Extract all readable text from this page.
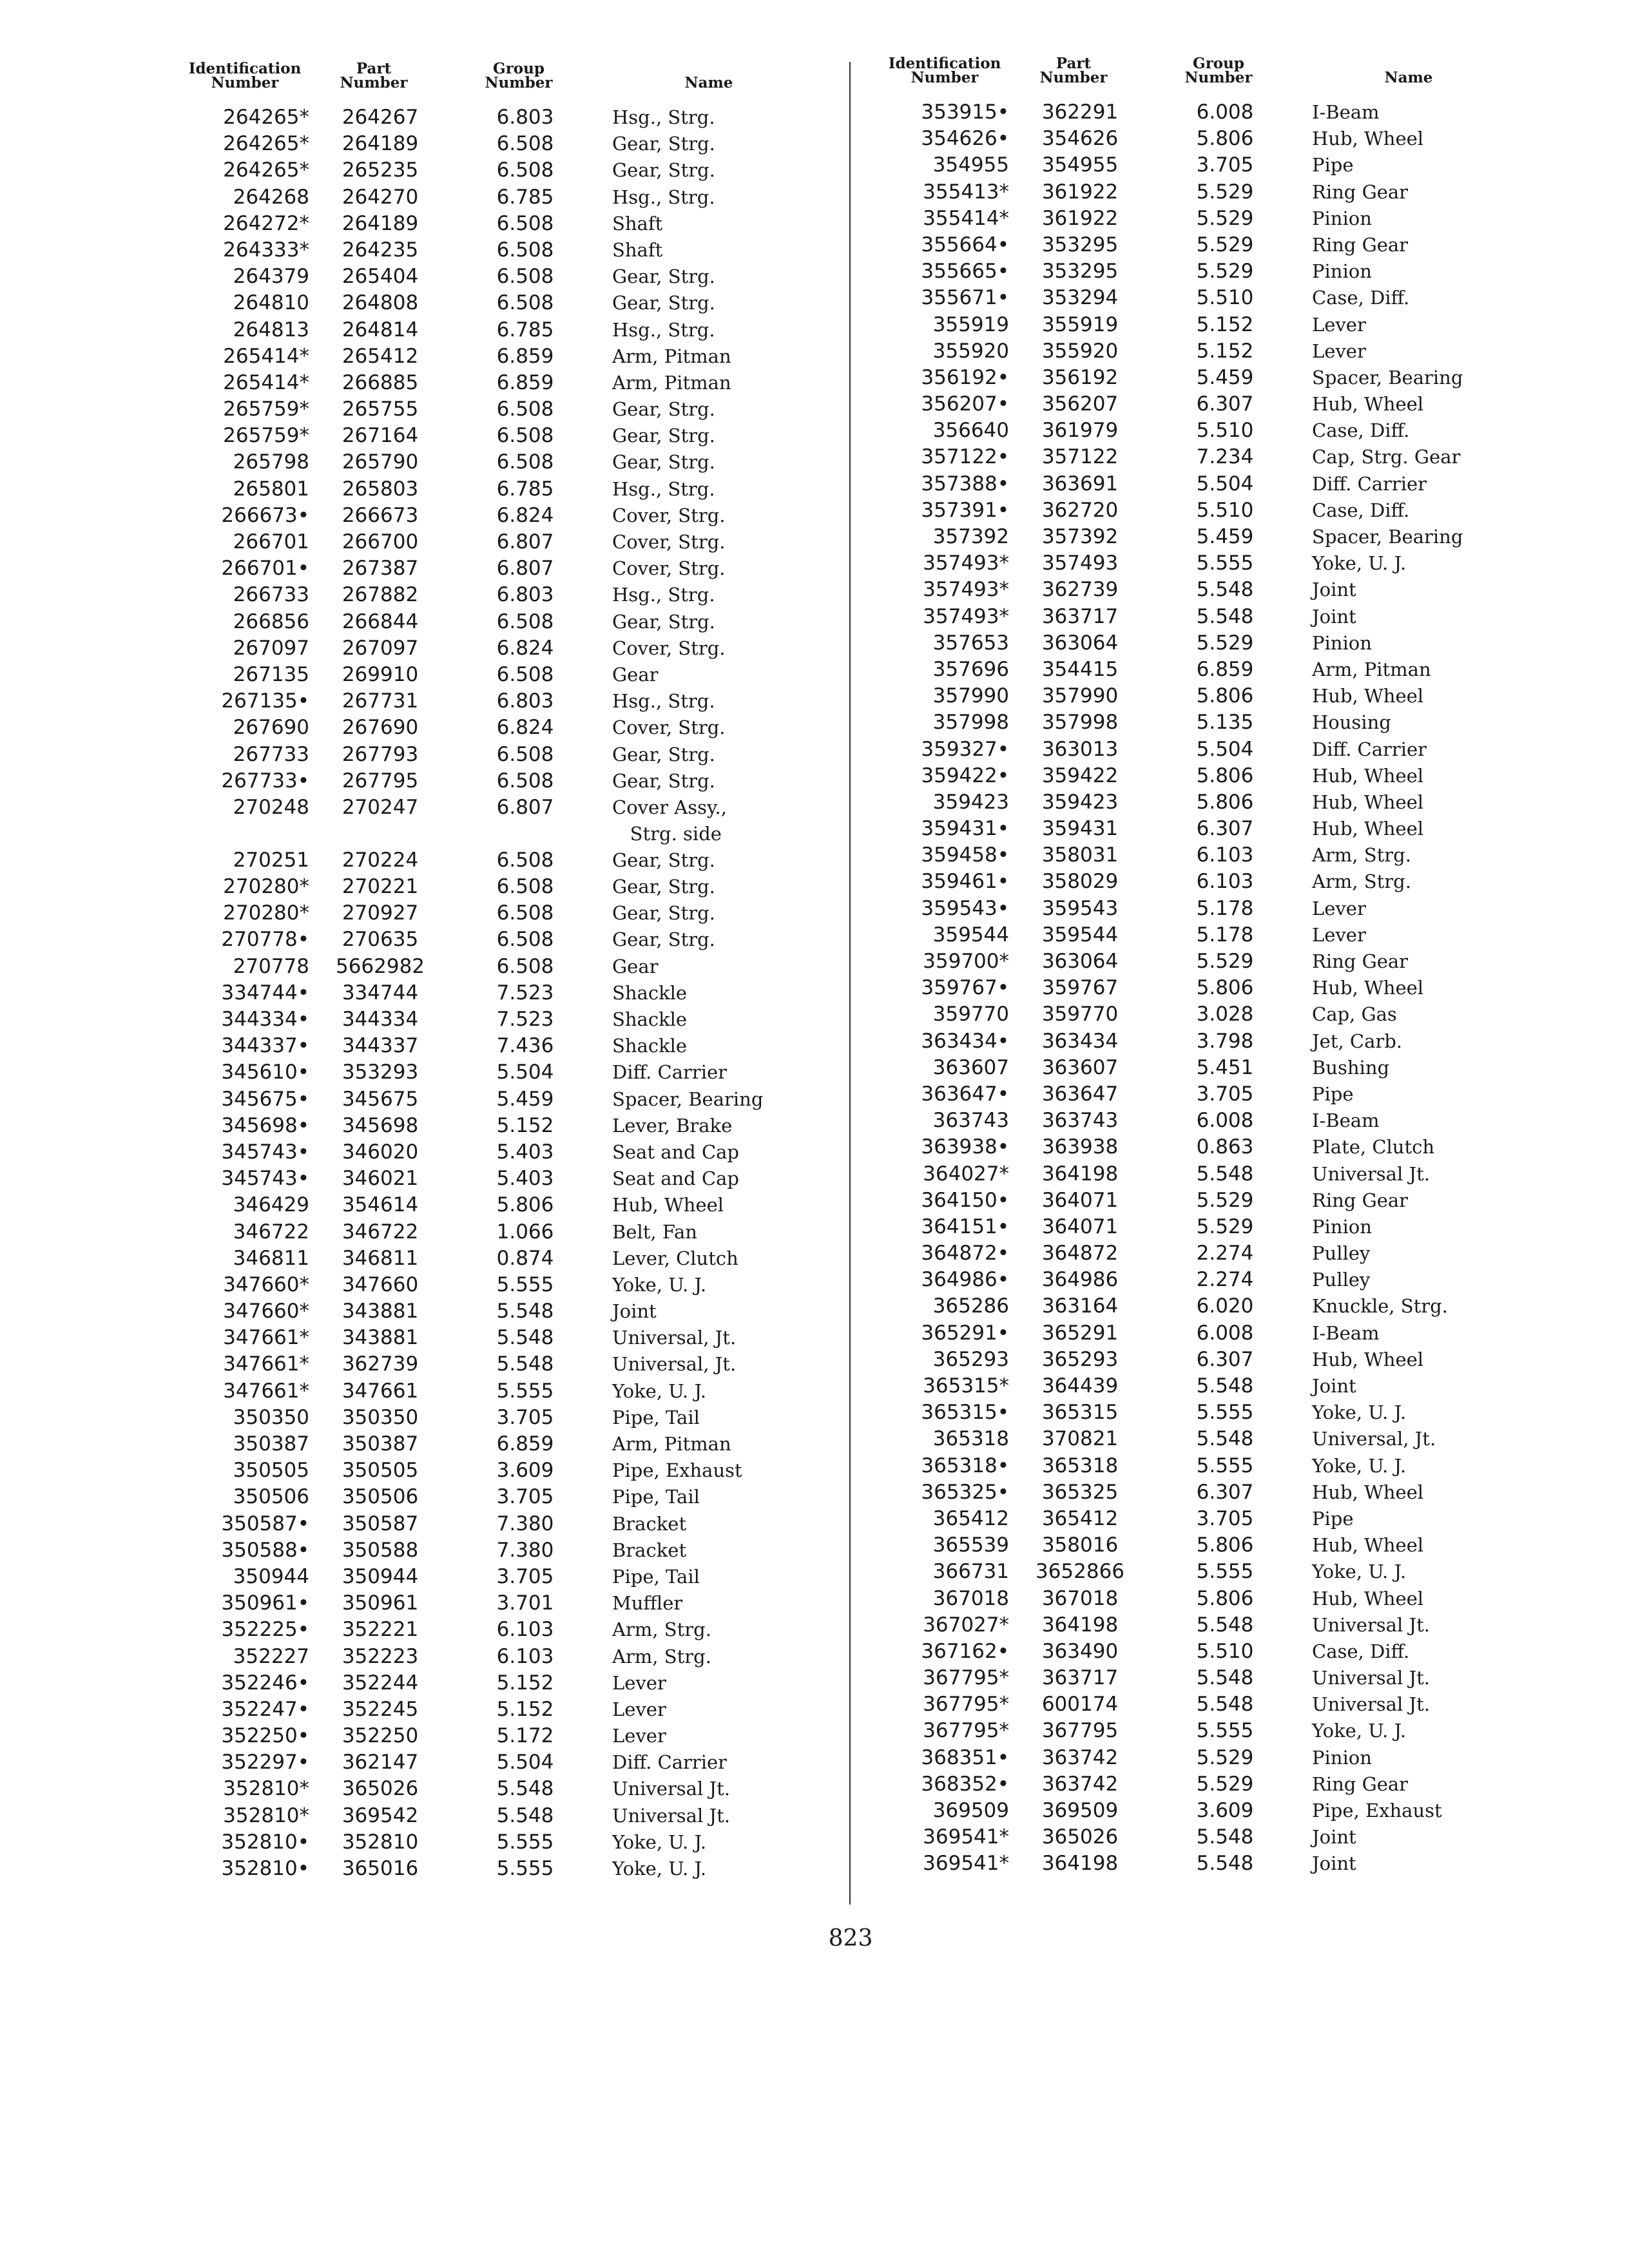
Identification
Number
Part
Number
Group
Number	Name
264265*	264267	6.803	Hsg., Strg.
264265*	264189	6.508	Gear, Strg.
264265*	265235	6.508	Gear, Strg.
264268	264270	6.785	Hsg., Strg.
264272*	264189	6.508	Shaft
264333*	264235	6.508	Shaft
264379	265404	6.508	Gear, Strg.
264810	264808	6.508	Gear, Strg.
264813	264814	6.785	Hsg., Strg.
265414*	265412	6.859	Arm, Pitman
265414*	266885	6.859	Arm, Pitman
265759*	265755	6.508	Gear, Strg.
265759*	267164	6.508	Gear, Strg.
265798	265790	6.508	Gear, Strg.
265801	265803	6.785	Hsg., Strg.
266673•	266673	6.824	Cover, Strg.
266701	266700	6.807	Cover, Strg.
266701•	267387	6.807	Cover, Strg.
266733	267882	6.803	Hsg., Strg.
266856	266844	6.508	Gear, Strg.
267097	267097	6.824	Cover, Strg.
267135	269910	6.508	Gear
267135•	267731	6.803	Hsg., Strg.
267690	267690	6.824	Cover, Strg.
267733	267793	6.508	Gear, Strg.
267733•	267795	6.508	Gear, Strg.
270248	270247	6.807	Cover Assy.,
Strg. side
270251	270224	6.508	Gear, Strg.
270280*	270221	6.508	Gear, Strg.
270280*	270927	6.508	Gear, Strg.
270778•	270635	6.508	Gear, Strg.
270778	5662982	6.508	Gear
334744•	334744	7.523	Shackle
344334•	344334	7.523	Shackle
344337•	344337	7.436	Shackle
345610•	353293	5.504	Diff. Carrier
345675•	345675	5.459	Spacer, Bearing
345698•	345698	5.152	Lever, Brake
345743•	346020	5.403	Seat and Cap
345743•	346021	5.403	Seat and Cap
346429	354614	5.806	Hub, Wheel
346722	346722	1.066	Belt, Fan
346811	346811	0.874	Lever, Clutch
347660*	347660	5.555	Yoke, U. J.
347660*	343881	5.548	Joint
347661*	343881	5.548	Universal, Jt.
347661*	362739	5.548	Universal, Jt.
347661*	347661	5.555	Yoke, U. J.
350350	350350	3.705	Pipe, Tail
350387	350387	6.859	Arm, Pitman
350505	350505	3.609	Pipe, Exhaust
350506	350506	3.705	Pipe, Tail
350587•	350587	7.380	Bracket
350588•	350588	7.380	Bracket
350944	350944	3.705	Pipe, Tail
350961•	350961	3.701	Muffler
352225•	352221	6.103	Arm, Strg.
352227	352223	6.103	Arm, Strg.
352246•	352244	5.152	Lever
352247•	352245	5.152	Lever
352250•	352250	5.172	Lever
352297•	362147	5.504	Diff. Carrier
352810*	365026	5.548	Universal Jt.
352810*	369542	5.548	Universal Jt.
352810•	352810	5.555	Yoke, U. J.
352810•	365016	5.555	Yoke, U. J.
Identification
Number
Part
Number
Group
Number	Name
353915•	362291	6.008	I-Beam
354626•	354626	5.806	Hub, Wheel
354955	354955	3.705	Pipe
355413*	361922	5.529	Ring Gear
355414*	361922	5.529	Pinion
355664•	353295	5.529	Ring Gear
355665•	353295	5.529	Pinion
355671•	353294	5.510	Case, Diff.
355919	355919	5.152	Lever
355920	355920	5.152	Lever
356192•	356192	5.459	Spacer, Bearing
356207•	356207	6.307	Hub, Wheel
356640	361979	5.510	Case, Diff.
357122•	357122	7.234	Cap, Strg. Gear
357388•	363691	5.504	Diff. Carrier
357391•	362720	5.510	Case, Diff.
357392	357392	5.459	Spacer, Bearing
357493*	357493	5.555	Yoke, U. J.
357493*	362739	5.548	Joint
357493*	363717	5.548	Joint
357653	363064	5.529	Pinion
357696	354415	6.859	Arm, Pitman
357990	357990	5.806	Hub, Wheel
357998	357998	5.135	Housing
359327•	363013	5.504	Diff. Carrier
359422•	359422	5.806	Hub, Wheel
359423	359423	5.806	Hub, Wheel
359431•	359431	6.307	Hub, Wheel
359458•	358031	6.103	Arm, Strg.
359461•	358029	6.103	Arm, Strg.
359543•	359543	5.178	Lever
359544	359544	5.178	Lever
359700*	363064	5.529	Ring Gear
359767•	359767	5.806	Hub, Wheel
359770	359770	3.028	Cap, Gas
363434•	363434	3.798	Jet, Carb.
363607	363607	5.451	Bushing
363647•	363647	3.705	Pipe
363743	363743	6.008	I-Beam
363938•	363938	0.863	Plate, Clutch
364027*	364198	5.548	Universal Jt.
364150•	364071	5.529	Ring Gear
364151•	364071	5.529	Pinion
364872•	364872	2.274	Pulley
364986•	364986	2.274	Pulley
365286	363164	6.020	Knuckle, Strg.
365291•	365291	6.008	I-Beam
365293	365293	6.307	Hub, Wheel
365315*	364439	5.548	Joint
365315•	365315	5.555	Yoke, U. J.
365318	370821	5.548	Universal, Jt.
365318•	365318	5.555	Yoke, U. J.
365325•	365325	6.307	Hub, Wheel
365412	365412	3.705	Pipe
365539	358016	5.806	Hub, Wheel
366731	3652866	5.555	Yoke, U. J.
367018	367018	5.806	Hub, Wheel
367027*	364198	5.548	Universal Jt.
367162•	363490	5.510	Case, Diff.
367795*	363717	5.548	Universal Jt.
367795*	600174	5.548	Universal Jt.
367795*	367795	5.555	Yoke, U. J.
368351•	363742	5.529	Pinion
368352•	363742	5.529	Ring Gear
369509	369509	3.609	Pipe, Exhaust
369541*	365026	5.548	Joint
369541*	364198	5.548	Joint
823
